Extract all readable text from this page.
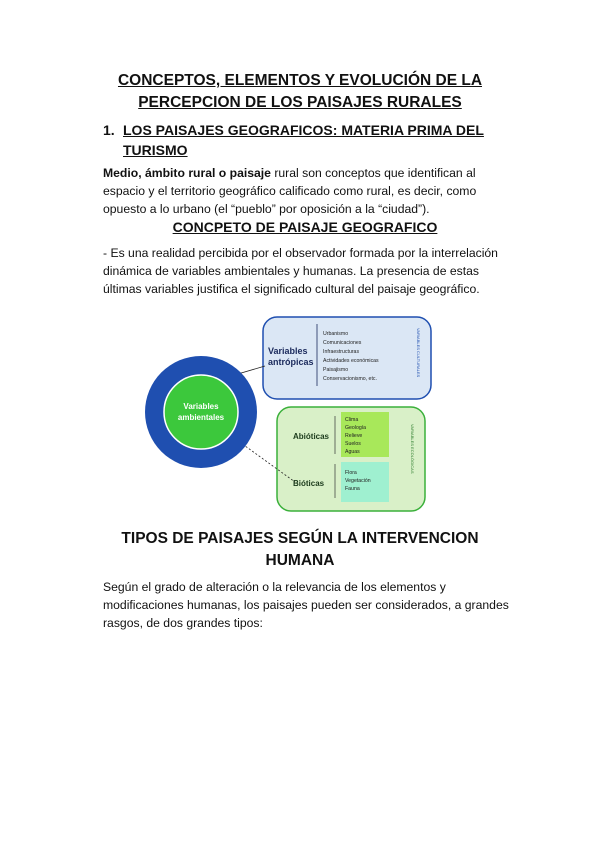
CONCEPTOS, ELEMENTOS Y EVOLUCIÓN DE LA
PERCEPCION DE LOS PAISAJES RURALES
1. LOS PAISAJES GEOGRAFICOS: MATERIA PRIMA DEL
TURISMO

Medio, ámbito rural o paisaje rural son conceptos que identifican al
espacio y el territorio geográfico calificado como rural, es decir, como
opuesto a lo urbano (el “pueblo” por oposición a la “ciudad”).

CONCPETO DE PAISAJE GEOGRAFICO

- Es una realidad percibida por el observador formada por la interrelación
dinámica de variables ambientales y humanas. La presencia de estas
últimas variables justifica el significado cultural del paisaje geográfico.

Variables
antrópicas
Urbanismo
Comunicaciones
Infraestructuras
Actividades económicas
Paisajismo
Conservacionismo, etc.
VARIABLES CULTURALES
Abióticas
Bióticas
Clima
Geología
Relieve
Suelos
Aguas
Flora
Vegetación
Fauna
VARIABLES ECOLÓGICAS
Variables
ambientales
TIPOS DE PAISAJES SEGÚN LA INTERVENCION
HUMANA

Según el grado de alteración o la relevancia de los elementos y
modificaciones humanas, los paisajes pueden ser considerados, a grandes
rasgos, de dos grandes tipos:
